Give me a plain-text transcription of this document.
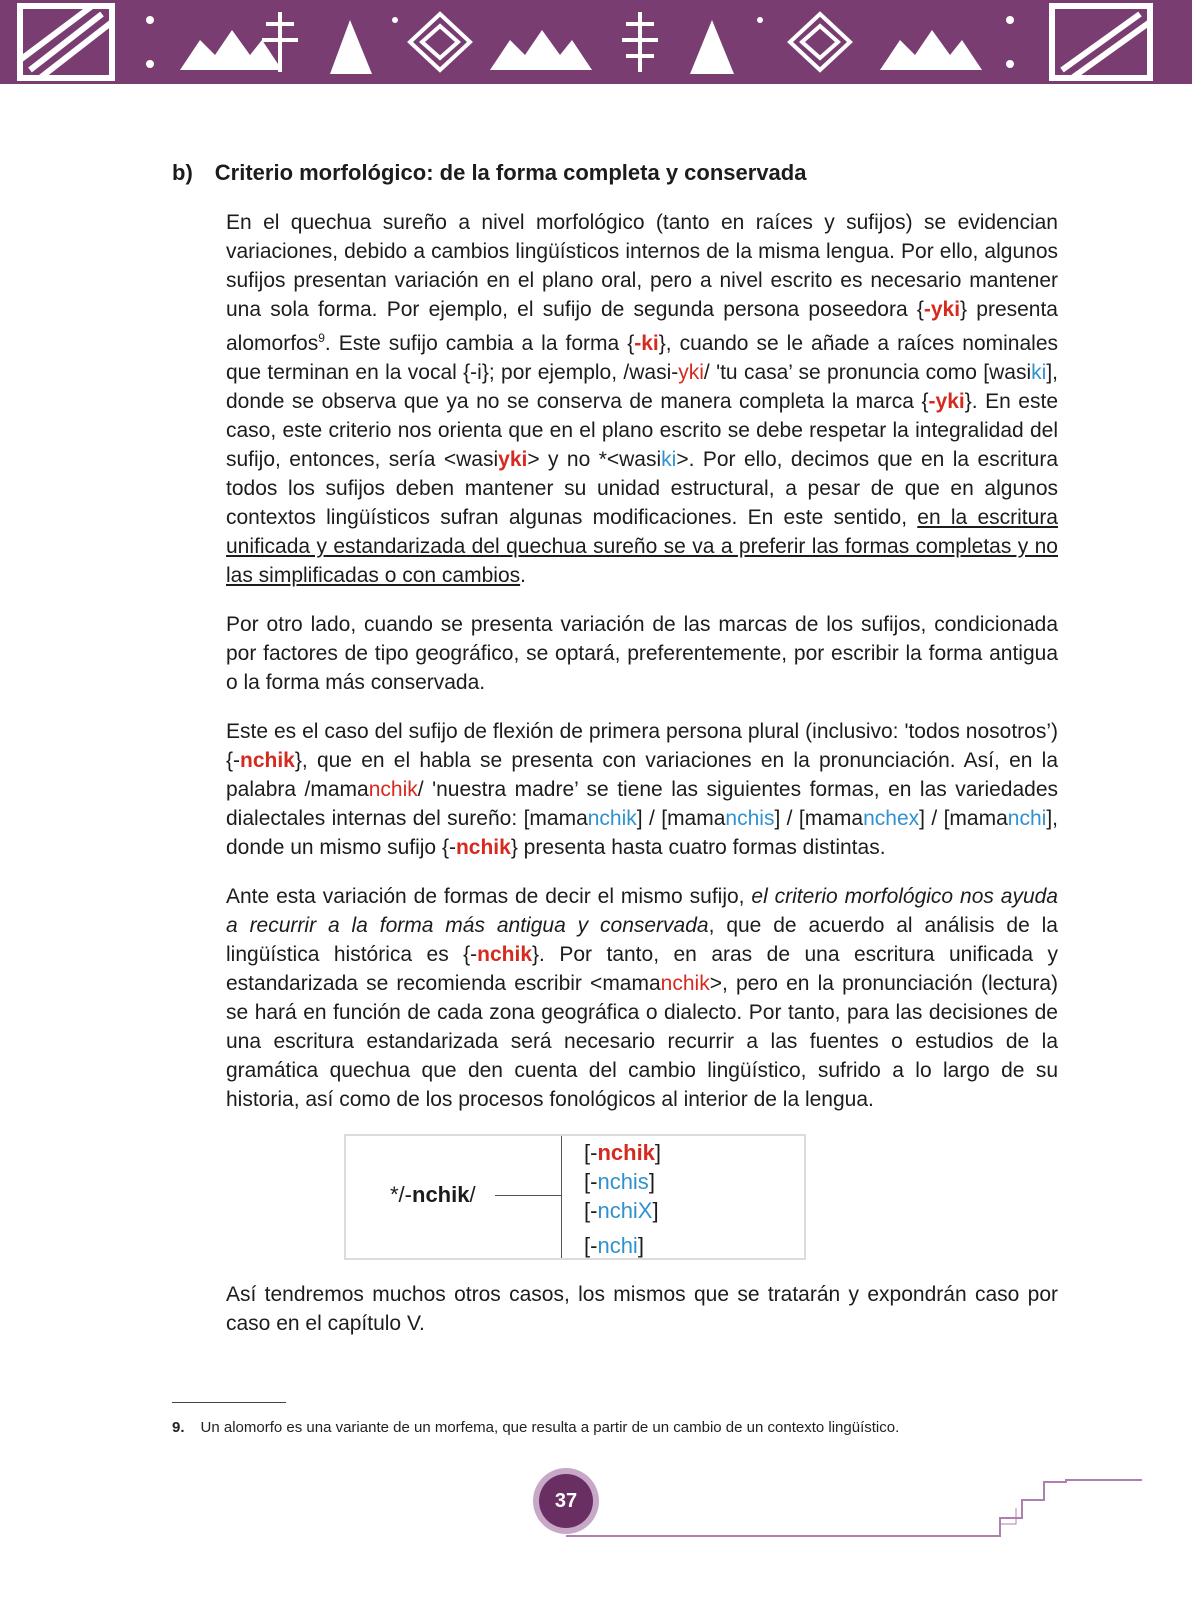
b) Criterio morfológico: de la forma completa y conservada

En el quechua sureño a nivel morfológico (tanto en raíces y sufijos) se evidencian variaciones, debido a cambios lingüísticos internos de la misma lengua. Por ello, algunos sufijos presentan variación en el plano oral, pero a nivel escrito es necesario mantener una sola forma. Por ejemplo, el sufijo de segunda persona poseedora {-yki} presenta alomorfos$^9$. Este sufijo cambia a la forma {-ki}, cuando se le añade a raíces nominales que terminan en la vocal {-i}; por ejemplo, /wasi-yki/ 'tu casa’ se pronuncia como [wasiki], donde se observa que ya no se conserva de manera completa la marca {-yki}. En este caso, este criterio nos orienta que en el plano escrito se debe respetar la integralidad del sufijo, entonces, sería <wasiyki> y no *<wasiki>. Por ello, decimos que en la escritura todos los sufijos deben mantener su unidad estructural, a pesar de que en algunos contextos lingüísticos sufran algunas modificaciones. En este sentido, en la escritura unificada y estandarizada del quechua sureño se va a preferir las formas completas y no las simplificadas o con cambios.

Por otro lado, cuando se presenta variación de las marcas de los sufijos, condicionada por factores de tipo geográfico, se optará, preferentemente, por escribir la forma antigua o la forma más conservada.

Este es el caso del sufijo de flexión de primera persona plural (inclusivo: 'todos nosotros’) {-nchik}, que en el habla se presenta con variaciones en la pronunciación. Así, en la palabra /mamanchik/ 'nuestra madre’ se tiene las siguientes formas, en las variedades dialectales internas del sureño: [mamanchik] / [mamanchis] / [mamanchex] / [mamanchi], donde un mismo sufijo {-nchik} presenta hasta cuatro formas distintas.

Ante esta variación de formas de decir el mismo sufijo, el criterio morfológico nos ayuda a recurrir a la forma más antigua y conservada, que de acuerdo al análisis de la lingüística histórica es {-nchik}. Por tanto, en aras de una escritura unificada y estandarizada se recomienda escribir <mamanchik>, pero en la pronunciación (lectura) se hará en función de cada zona geográfica o dialecto. Por tanto, para las decisiones de una escritura estandarizada será necesario recurrir a las fuentes o estudios de la gramática quechua que den cuenta del cambio lingüístico, sufrido a lo largo de su historia, así como de los procesos fonológicos al interior de la lengua.

*/-nchik/
[-nchik]
[-nchis]
[-nchiX]
[-nchi]

Así tendremos muchos otros casos, los mismos que se tratarán y expondrán caso por caso en el capítulo V.

9. Un alomorfo es una variante de un morfema, que resulta a partir de un cambio de un contexto lingüístico.
37
